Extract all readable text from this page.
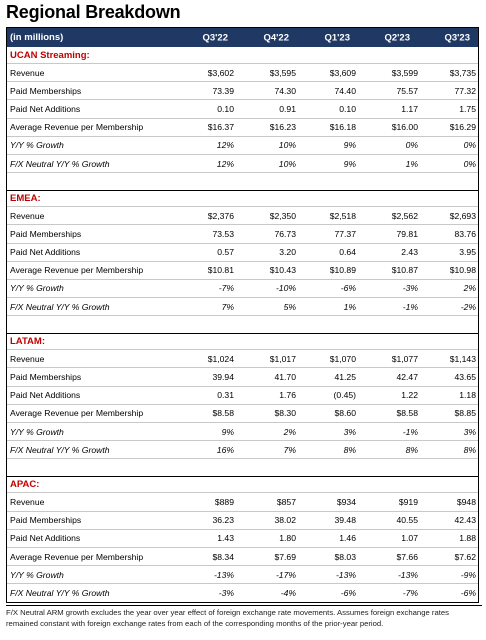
Regional Breakdown
(in millions)	Q3'22	Q4'22	Q1'23	Q2'23	Q3'23
UCAN Streaming:
Revenue	$3,602	$3,595	$3,609	$3,599	$3,735
Paid Memberships	73.39	74.30	74.40	75.57	77.32
Paid Net Additions	0.10	0.91	0.10	1.17	1.75
Average Revenue per Membership	$16.37	$16.23	$16.18	$16.00	$16.29
Y/Y % Growth	12%	10%	9%	0%	0%
F/X Neutral Y/Y % Growth	12%	10%	9%	1%	0%
EMEA:
Revenue	$2,376	$2,350	$2,518	$2,562	$2,693
Paid Memberships	73.53	76.73	77.37	79.81	83.76
Paid Net Additions	0.57	3.20	0.64	2.43	3.95
Average Revenue per Membership	$10.81	$10.43	$10.89	$10.87	$10.98
Y/Y % Growth	-7%	-10%	-6%	-3%	2%
F/X Neutral Y/Y % Growth	7%	5%	1%	-1%	-2%
LATAM:
Revenue	$1,024	$1,017	$1,070	$1,077	$1,143
Paid Memberships	39.94	41.70	41.25	42.47	43.65
Paid Net Additions	0.31	1.76	(0.45)	1.22	1.18
Average Revenue per Membership	$8.58	$8.30	$8.60	$8.58	$8.85
Y/Y % Growth	9%	2%	3%	-1%	3%
F/X Neutral Y/Y % Growth	16%	7%	8%	8%	8%
APAC:
Revenue	$889	$857	$934	$919	$948
Paid Memberships	36.23	38.02	39.48	40.55	42.43
Paid Net Additions	1.43	1.80	1.46	1.07	1.88
Average Revenue per Membership	$8.34	$7.69	$8.03	$7.66	$7.62
Y/Y % Growth	-13%	-17%	-13%	-13%	-9%
F/X Neutral Y/Y % Growth	-3%	-4%	-6%	-7%	-6%
F/X Neutral ARM growth excludes the year over year effect of foreign exchange rate movements. Assumes foreign exchange rates remained constant with foreign exchange rates from each of the corresponding months of the prior-year period.
